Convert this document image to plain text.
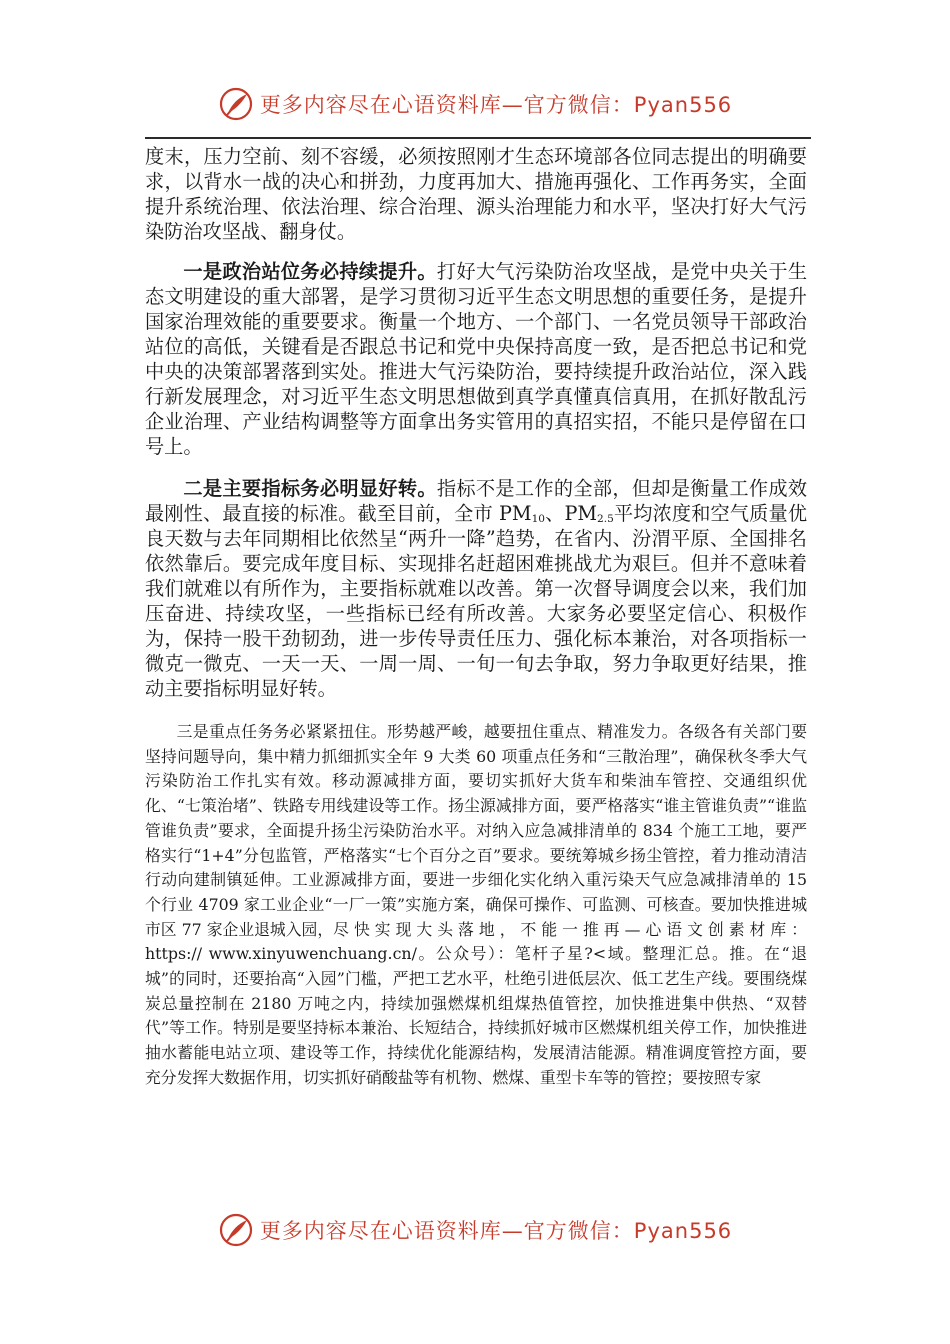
更多内容尽在心语资料库—官方微信：Pyan556

度末，压力空前、刻不容缓，必须按照刚才生态环境部各位同志提出的明确要求，以背水一战的决心和拼劲，力度再加大、措施再强化、工作再务实，全面提升系统治理、依法治理、综合治理、源头治理能力和水平，坚决打好大气污染防治攻坚战、翻身仗。

一是政治站位务必持续提升。打好大气污染防治攻坚战，是党中央关于生态文明建设的重大部署，是学习贯彻习近平生态文明思想的重要任务，是提升国家治理效能的重要要求。衡量一个地方、一个部门、一名党员领导干部政治站位的高低，关键看是否跟总书记和党中央保持高度一致，是否把总书记和党中央的决策部署落到实处。推进大气污染防治，要持续提升政治站位，深入践行新发展理念，对习近平生态文明思想做到真学真懂真信真用，在抓好散乱污企业治理、产业结构调整等方面拿出务实管用的真招实招，不能只是停留在口号上。

二是主要指标务必明显好转。指标不是工作的全部，但却是衡量工作成效最刚性、最直接的标准。截至目前，全市 $PM_{10}$、$PM_{2.5}$平均浓度和空气质量优良天数与去年同期相比依然呈“两升一降”趋势，在省内、汾渭平原、全国排名依然靠后。要完成年度目标、实现排名赶超困难挑战尤为艰巨。但并不意味着我们就难以有所作为，主要指标就难以改善。第一次督导调度会以来，我们加压奋进、持续攻坚，一些指标已经有所改善。大家务必要坚定信心、积极作为，保持一股干劲韧劲，进一步传导责任压力、强化标本兼治，对各项指标一微克一微克、一天一天、一周一周、一旬一旬去争取，努力争取更好结果，推动主要指标明显好转。

三是重点任务务必紧紧扭住。形势越严峻，越要扭住重点、精准发力。各级各有关部门要坚持问题导向，集中精力抓细抓实全年 9 大类 60 项重点任务和“三散治理”，确保秋冬季大气污染防治工作扎实有效。移动源减排方面，要切实抓好大货车和柴油车管控、交通组织优化、“七策治堵”、铁路专用线建设等工作。扬尘源减排方面，要严格落实“谁主管谁负责”“谁监管谁负责”要求，全面提升扬尘污染防治水平。对纳入应急减排清单的 834 个施工工地，要严格实行“1+4”分包监管，严格落实“七个百分之百”要求。要统筹城乡扬尘管控，着力推动清洁行动向建制镇延伸。工业源减排方面，要进一步细化实化纳入重污染天气应急减排清单的 15 个行业 4709 家工业企业“一厂一策”实施方案，确保可操作、可监测、可核查。要加快推进城市区 77 家企业退城入园，尽 快 实 现 大 头 落 地 ， 不 能 一 推 再 — 心 语 文 创 素 材 库 ： https:// www.xinyuwenchuang.cn/。公众号）：笔杆子星?<域。整理汇总。推。在“退城”的同时，还要抬高“入园”门槛，严把工艺水平，杜绝引进低层次、低工艺生产线。要围绕煤炭总量控制在 2180 万吨之内，持续加强燃煤机组煤热值管控，加快推进集中供热、“双替代”等工作。特别是要坚持标本兼治、长短结合，持续抓好城市区燃煤机组关停工作，加快推进抽水蓄能电站立项、建设等工作，持续优化能源结构，发展清洁能源。精准调度管控方面，要充分发挥大数据作用，切实抓好硝酸盐等有机物、燃煤、重型卡车等的管控；要按照专家

更多内容尽在心语资料库—官方微信：Pyan556
